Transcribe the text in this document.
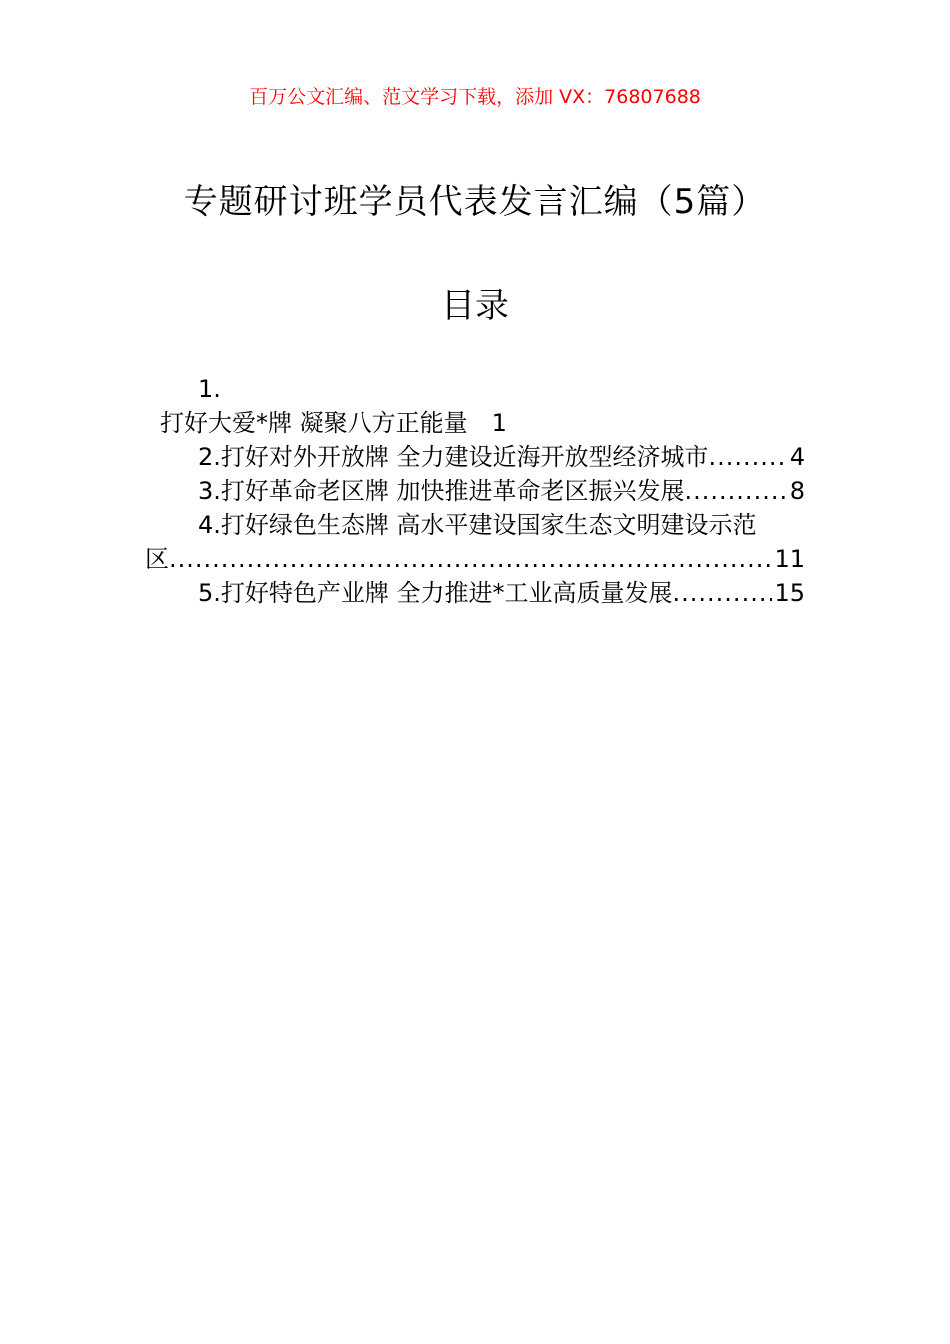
百万公文汇编、范文学习下载，添加 VX：76807688
专题研讨班学员代表发言汇编（5篇）
目录
1.
打好大爱*牌 凝聚八方正能量 1
2.打好对外开放牌 全力建设近海开放型经济城市 .....	4
3.打好革命老区牌 加快推进革命老区振兴发展 .....	8
4.打好绿色生态牌 高水平建设国家生态文明建设示范
区 .....	11
5.打好特色产业牌 全力推进*工业高质量发展 .....	15
